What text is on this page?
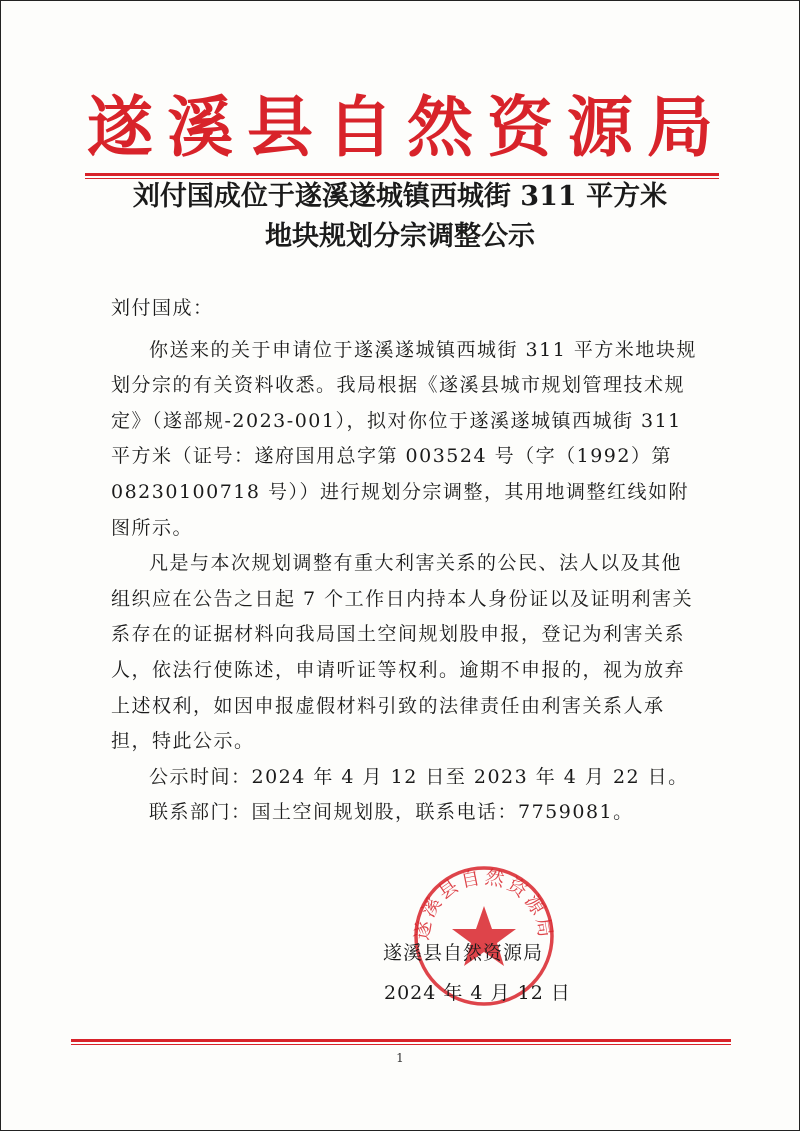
遂溪县自然资源局
刘付国成位于遂溪遂城镇西城街 311 平方米
地块规划分宗调整公示

刘付国成：

你送来的关于申请位于遂溪遂城镇西城街 311 平方米地块规划分宗的有关资料收悉。我局根据《遂溪县城市规划管理技术规定》（遂部规-2023-001），拟对你位于遂溪遂城镇西城街 311 平方米（证号：遂府国用总字第 003524 号（字（1992）第 08230100718 号））进行规划分宗调整，其用地调整红线如附图所示。

凡是与本次规划调整有重大利害关系的公民、法人以及其他组织应在公告之日起 7 个工作日内持本人身份证以及证明利害关系存在的证据材料向我局国土空间规划股申报，登记为利害关系人，依法行使陈述，申请听证等权利。逾期不申报的，视为放弃上述权利，如因申报虚假材料引致的法律责任由利害关系人承担，特此公示。

公示时间：2024 年 4 月 12 日至 2023 年 4 月 22 日。

联系部门：国土空间规划股，联系电话：7759081。

遂溪县自然资源局
遂溪县自然资源局
2024 年 4 月 12 日
1
